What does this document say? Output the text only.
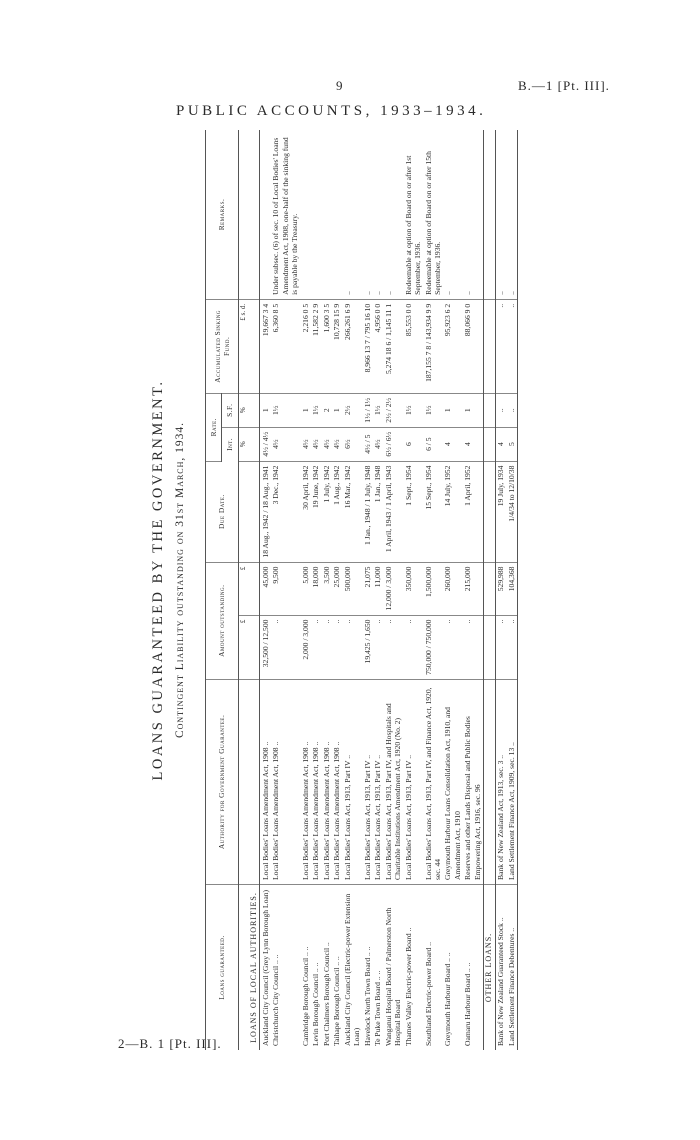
9	B.—1 [Pt. III].
PUBLIC ACCOUNTS, 1933–1934.
LOANS GUARANTEED BY THE GOVERNMENT. Contingent Liability outstanding on 31st March, 1934.
Loans guaranteed.	Authority for Government Guarantee.	Amount outstanding.		Due Date.	Rate.		Accumulated Sinking Fund.	Remarks.
					Int.	S.F.		
		£	£		%	%	£ s. d.	
LOANS OF LOCAL AUTHORITIES.								
Auckland City Council (Grey Lynn Borough Loan)	Local Bodies' Loans Amendment Act, 1908 ..	32,500 / 12,500	45,000	18 Aug., 1942 / 18 Aug., 1941	4½ / 4½	1	19,667 3 4	
Christchurch City Council .. ..	Local Bodies' Loans Amendment Act, 1908 ..	..	9,500	3 Dec., 1942	4½	1½	6,360 8 5	Under subsec. (6) of sec. 10 of Local Bodies' Loans Amendment Act, 1908, one-half of the sinking fund is payable by the Treasury.
Cambridge Borough Council .. ..	Local Bodies' Loans Amendment Act, 1908 ..	2,000 / 3,000	5,000	30 April, 1942	4½	1	2,216 0 5	
Levin Borough Council .. ..	Local Bodies' Loans Amendment Act, 1908 ..	..	18,000	19 June, 1942	4½	1½	11,582 2 9	
Port Chalmers Borough Council ..	Local Bodies' Loans Amendment Act, 1908 ..	..	3,500	1 July, 1942	4½	2	1,600 3 5	
Taihape Borough Council .. ..	Local Bodies' Loans Amendment Act, 1908 ..	..	25,000	1 Aug., 1942	4½	1	10,728 15 9	
Auckland City Council (Electric-power Extension Loan)	Local Bodies' Loans Act, 1913, Part IV ..	..	500,000	16 Mar., 1942	6½	2½	266,261 6 9	..
Havelock North Town Board .. ..	Local Bodies' Loans Act, 1913, Part IV ..	19,425 / 1,650	21,075	1 Jan., 1948 / 1 July, 1948	4½ / 5	1½ / 1½	8,966 13 7 / 795 16 10	..
Te Puke Town Board .. ..	Local Bodies' Loans Act, 1913, Part IV ..	..	11,000	1 Jan., 1948	4½	1½	4,956 0 0	..
Wanganui Hospital Board / Palmerston North Hospital Board	Local Bodies' Loans Act, 1913, Part IV, and Hospitals and Charitable Institutions Amendment Act, 1920 (No. 2)	..	12,000 / 3,000	1 April, 1943 / 1 April, 1943	6½ / 6½	2½ / 2½	5,274 18 6 / 1,145 11 1	..
Thames Valley Electric-power Board ..	Local Bodies' Loans Act, 1913, Part IV ..	..	350,000	1 Sept., 1954	6	1½	85,553 0 0	Redeemable at option of Board on or after 1st September, 1936.
Southland Electric-power Board ..	Local Bodies' Loans Act, 1913, Part IV, and Finance Act, 1920, sec. 44	750,000 / 750,000	1,500,000	15 Sept., 1954	6 / 5	1½	187,155 7 8 / 143,934 9 9	Redeemable at option of Board on or after 15th September, 1936.
Greymouth Harbour Board .. ..	Greymouth Harbour Loans Consolidation Act, 1910, and Amendment Act, 1910	..	260,000	14 July, 1952	4	1	95,923 6 2	..
Oamaru Harbour Board .. ..	Reserves and other Lands Disposal and Public Bodies Empowering Act, 1916, sec. 96	..	215,000	1 April, 1952	4	1	88,066 9 0	..
OTHER LOANS.								
Bank of New Zealand Guaranteed Stock ..	Bank of New Zealand Act, 1913, sec. 3 ..	..	529,988	19 July, 1934	4	..	..	..
Land Settlement Finance Debentures ..	Land Settlement Finance Act, 1909, sec. 13 ..	..	104,368	1/4/34 to 12/10/38	5	..	..	..
2—B. 1 [Pt. III].
